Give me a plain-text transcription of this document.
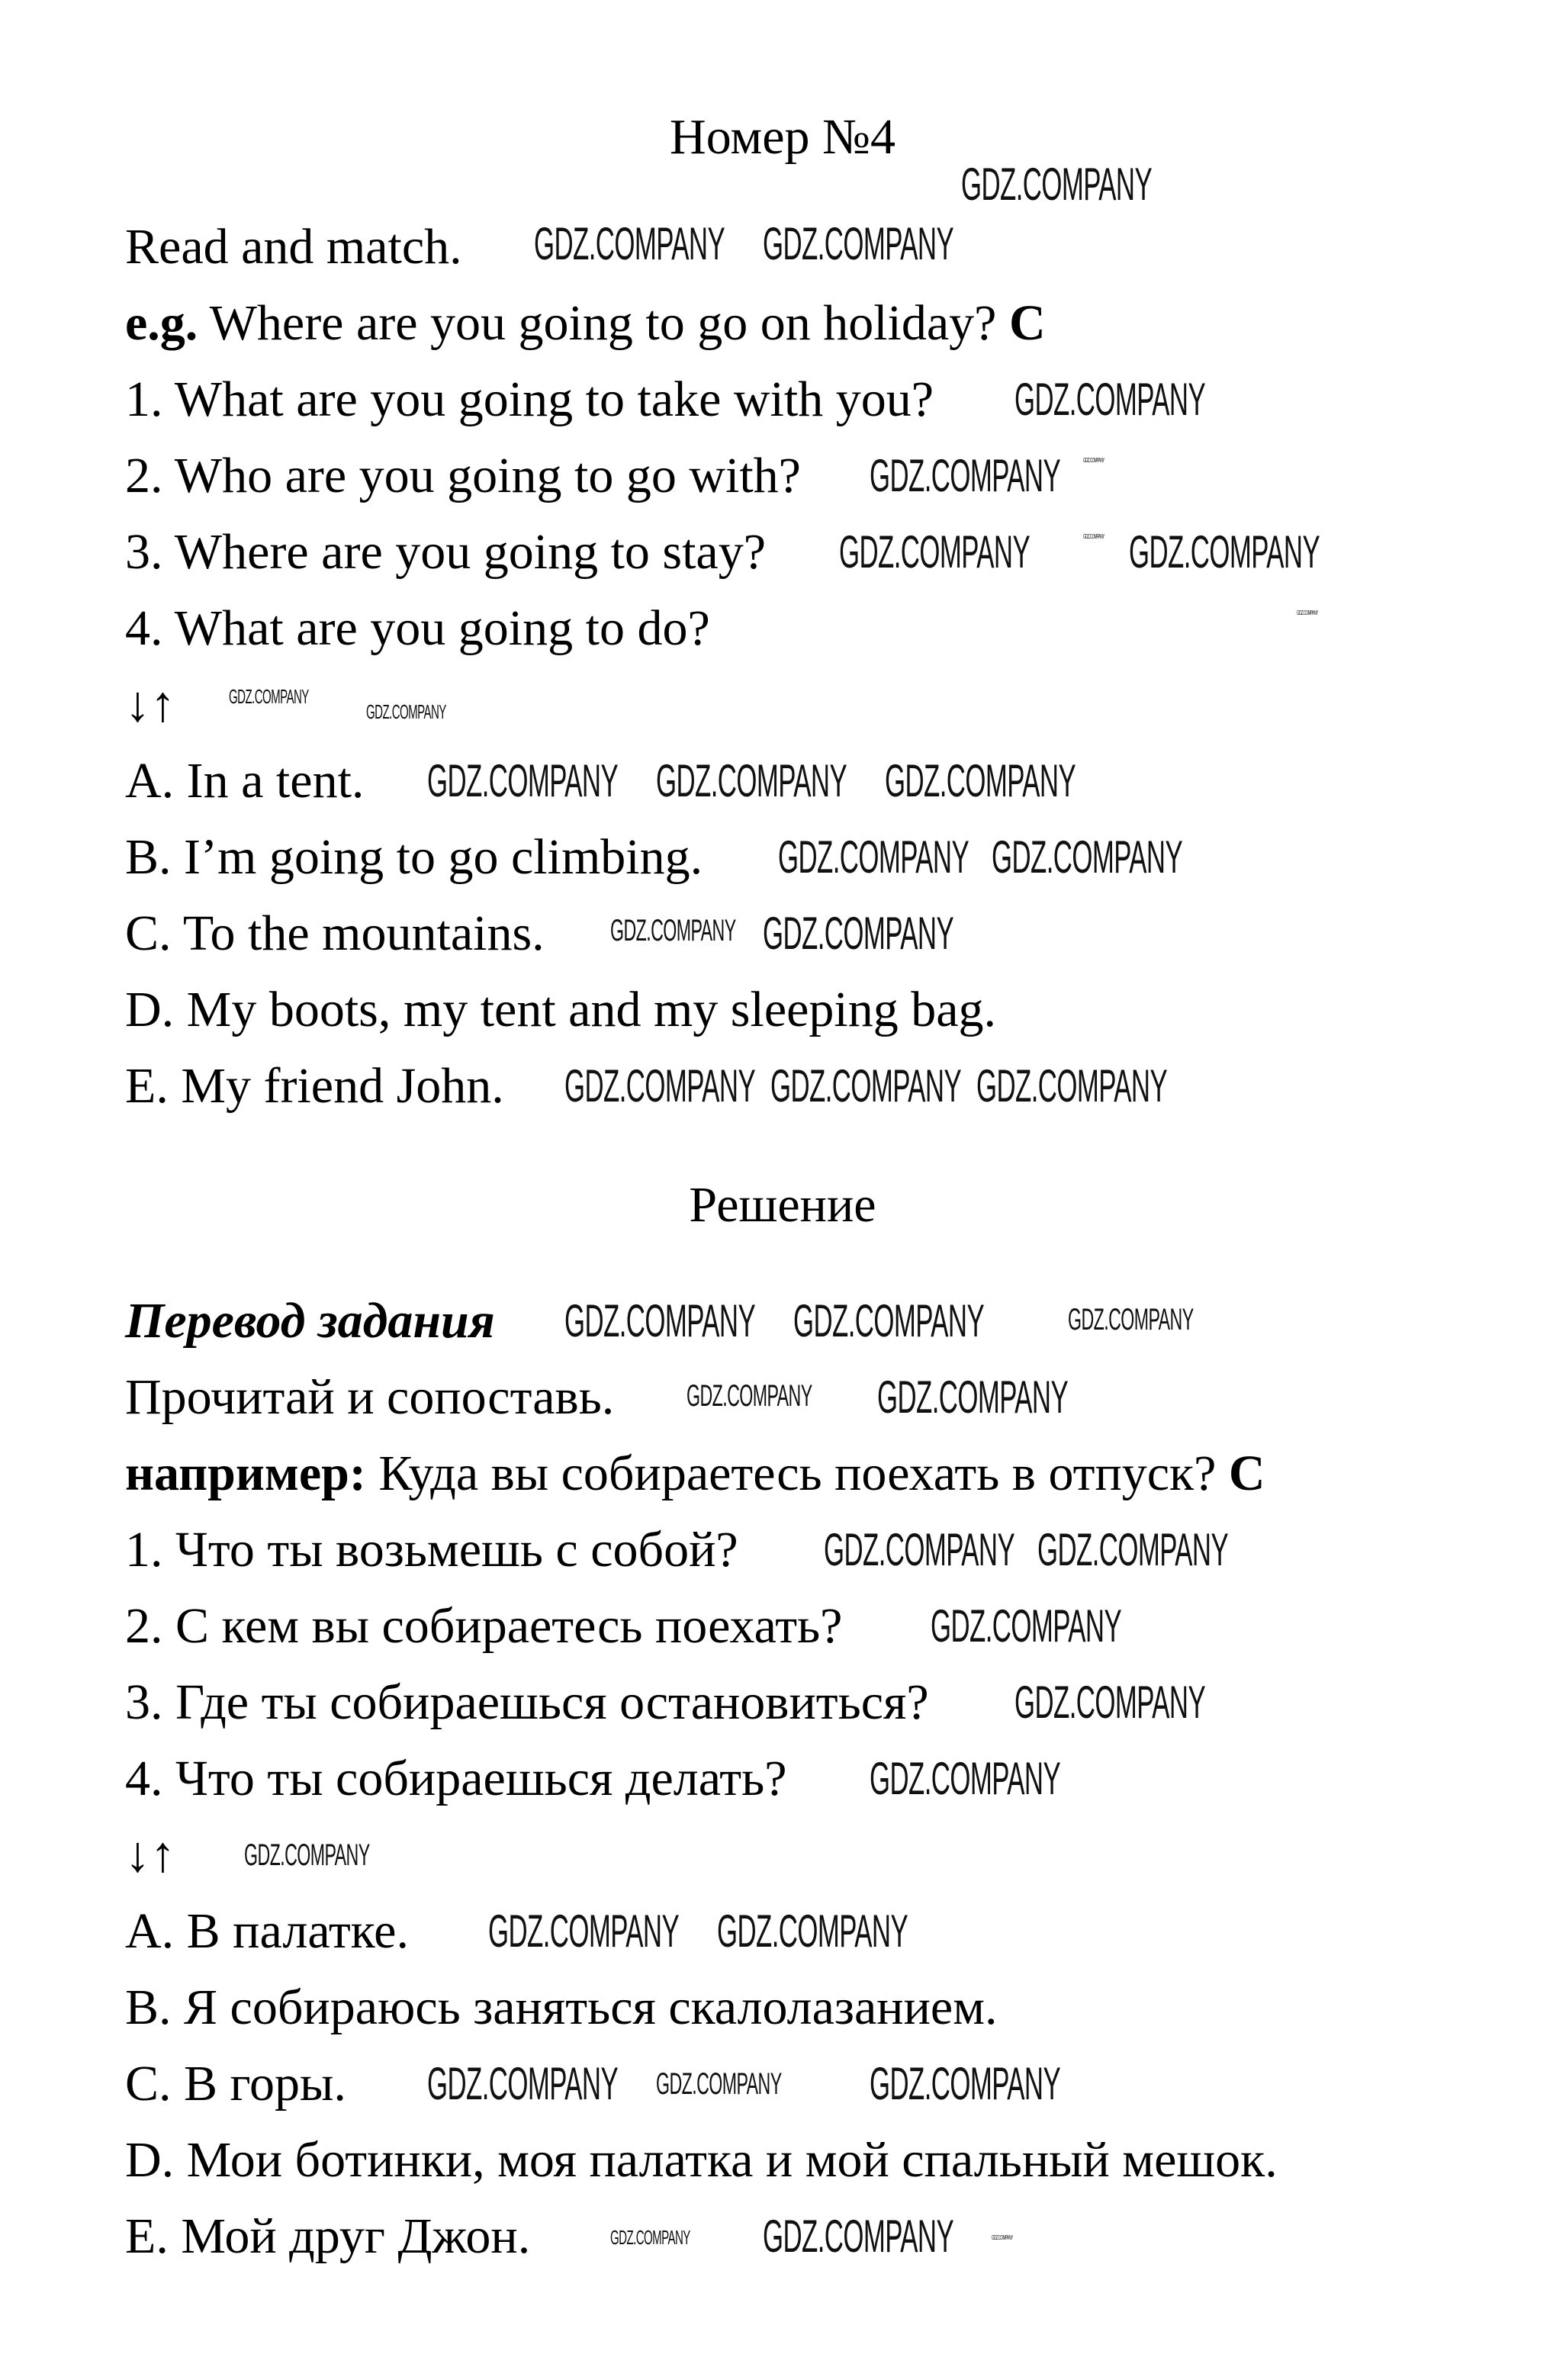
Номер №4
Read and match.
e.g. Where are you going to go on holiday? C
1. What are you going to take with you?
2. Who are you going to go with?
3. Where are you going to stay?
4. What are you going to do?
↓↑
A. In a tent.
B. I’m going to go climbing.
C. To the mountains.
D. My boots, my tent and my sleeping bag.
E. My friend John.
Решение
Перевод задания
Прочитай и сопоставь.
например: Куда вы собираетесь поехать в отпуск? C
1. Что ты возьмешь с собой?
2. С кем вы собираетесь поехать?
3. Где ты собираешься остановиться?
4. Что ты собираешься делать?
↓↑
A. В палатке.
B. Я собираюсь заняться скалолазанием.
C. В горы.
D. Мои ботинки, моя палатка и мой спальный мешок.
E. Мой друг Джон.
GDZ.COMPANY
GDZ.COMPANY GDZ.COMPANY
GDZ.COMPANY
GDZ.COMPANY	GDZ.COMPANY
GDZ.COMPANY
GDZ.COMPANY
GDZ.COMPANY GDZ.COMPANY
GDZ.COMPANY
GDZ.COMPANY GDZ.COMPANY GDZ.COMPANY
GDZ.COMPANY
GDZ.COMPANY GDZ.COMPANY
GDZ.COMPANY GDZ.COMPANY
GDZ.COMPANY GDZ.COMPANY GDZ.COMPANY
GDZ.COMPANY
GDZ.COMPANY GDZ.COMPANY	GDZ.COMPANY
GDZ.COMPANY GDZ.COMPANY
GDZ.COMPANY
GDZ.COMPANY
GDZ.COMPANY
GDZ.COMPANY
GDZ.COMPANY
GDZ.COMPANY
GDZ.COMPANY
GDZ.COMPANY GDZ.COMPANY GDZ.COMPANY
GDZ.COMPANY GDZ.COMPANY	GDZ.COMPANY
